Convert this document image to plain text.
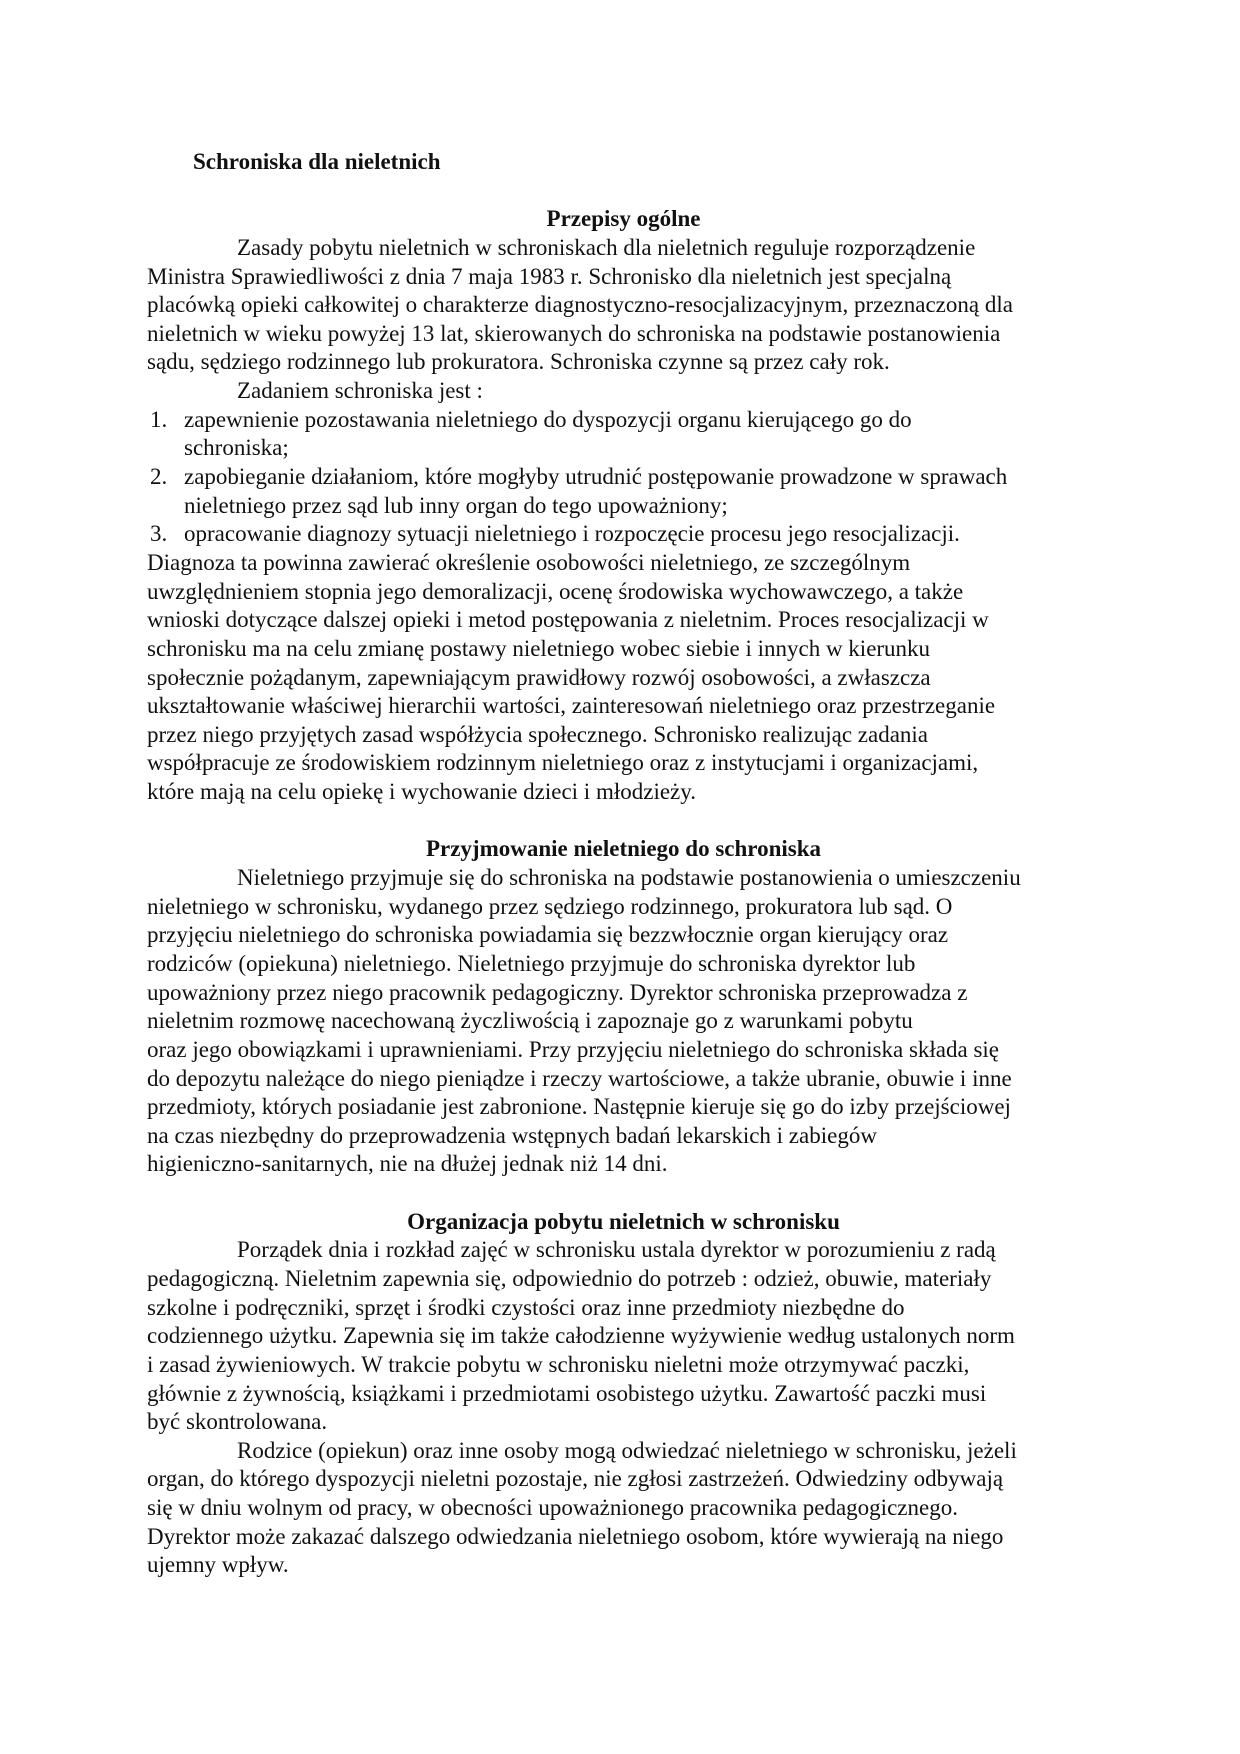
Schroniska dla nieletnich
Przepisy ogólne
Zasady pobytu nieletnich w schroniskach dla nieletnich reguluje rozporządzenie
Ministra Sprawiedliwości z dnia 7 maja 1983 r. Schronisko dla nieletnich jest specjalną
placówką opieki całkowitej o charakterze diagnostyczno-resocjalizacyjnym, przeznaczoną dla
nieletnich w wieku powyżej 13 lat, skierowanych do schroniska na podstawie postanowienia
sądu, sędziego rodzinnego lub prokuratora. Schroniska czynne są przez cały rok.
Zadaniem schroniska jest :
1. zapewnienie pozostawania nieletniego do dyspozycji organu kierującego go do
schroniska;
2. zapobieganie działaniom, które mogłyby utrudnić postępowanie prowadzone w sprawach
nieletniego przez sąd lub inny organ do tego upoważniony;
3. opracowanie diagnozy sytuacji nieletniego i rozpoczęcie procesu jego resocjalizacji.
Diagnoza ta powinna zawierać określenie osobowości nieletniego, ze szczególnym
uwzględnieniem stopnia jego demoralizacji, ocenę środowiska wychowawczego, a także
wnioski dotyczące dalszej opieki i metod postępowania z nieletnim. Proces resocjalizacji w
schronisku ma na celu zmianę postawy nieletniego wobec siebie i innych w kierunku
społecznie pożądanym, zapewniającym prawidłowy rozwój osobowości, a zwłaszcza
ukształtowanie właściwej hierarchii wartości, zainteresowań nieletniego oraz przestrzeganie
przez niego przyjętych zasad współżycia społecznego. Schronisko realizując zadania
współpracuje ze środowiskiem rodzinnym nieletniego oraz z instytucjami i organizacjami,
które mają na celu opiekę i wychowanie dzieci i młodzieży.
Przyjmowanie nieletniego do schroniska
Nieletniego przyjmuje się do schroniska na podstawie postanowienia o umieszczeniu
nieletniego w schronisku, wydanego przez sędziego rodzinnego, prokuratora lub sąd. O
przyjęciu nieletniego do schroniska powiadamia się bezzwłocznie organ kierujący oraz
rodziców (opiekuna) nieletniego. Nieletniego przyjmuje do schroniska dyrektor lub
upoważniony przez niego pracownik pedagogiczny. Dyrektor schroniska przeprowadza z
nieletnim rozmowę nacechowaną życzliwością i zapoznaje go z warunkami pobytu
oraz jego obowiązkami i uprawnieniami. Przy przyjęciu nieletniego do schroniska składa się
do depozytu należące do niego pieniądze i rzeczy wartościowe, a także ubranie, obuwie i inne
przedmioty, których posiadanie jest zabronione. Następnie kieruje się go do izby przejściowej
na czas niezbędny do przeprowadzenia wstępnych badań lekarskich i zabiegów
higieniczno-sanitarnych, nie na dłużej jednak niż 14 dni.
Organizacja pobytu nieletnich w schronisku
Porządek dnia i rozkład zajęć w schronisku ustala dyrektor w porozumieniu z radą
pedagogiczną. Nieletnim zapewnia się, odpowiednio do potrzeb : odzież, obuwie, materiały
szkolne i podręczniki, sprzęt i środki czystości oraz inne przedmioty niezbędne do
codziennego użytku. Zapewnia się im także całodzienne wyżywienie według ustalonych norm
i zasad żywieniowych. W trakcie pobytu w schronisku nieletni może otrzymywać paczki,
głównie z żywnością, książkami i przedmiotami osobistego użytku. Zawartość paczki musi
być skontrolowana.
Rodzice (opiekun) oraz inne osoby mogą odwiedzać nieletniego w schronisku, jeżeli
organ, do którego dyspozycji nieletni pozostaje, nie zgłosi zastrzeżeń. Odwiedziny odbywają
się w dniu wolnym od pracy, w obecności upoważnionego pracownika pedagogicznego.
Dyrektor może zakazać dalszego odwiedzania nieletniego osobom, które wywierają na niego
ujemny wpływ.
